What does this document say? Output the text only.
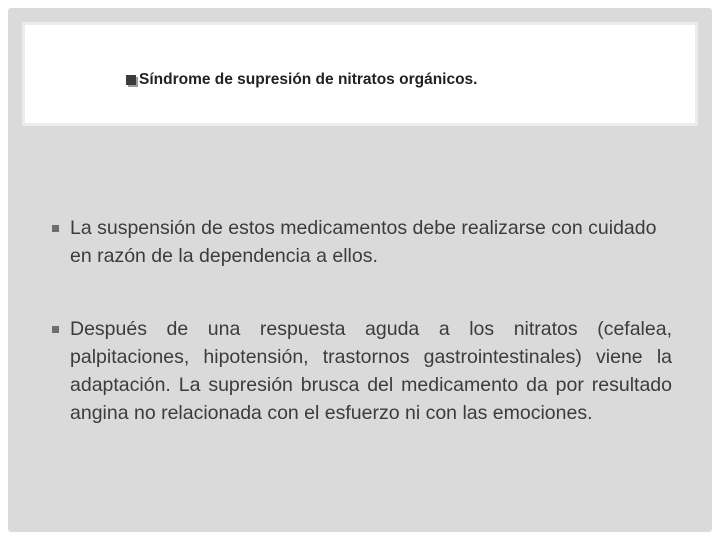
Síndrome de supresión de nitratos orgánicos.
La suspensión de estos medicamentos debe realizarse con cuidado en razón de la dependencia a ellos.
Después de una respuesta aguda a los nitratos (cefalea, palpitaciones, hipotensión, trastornos gastrointestinales) viene la adaptación. La supresión brusca del medicamento da por resultado angina no relacionada con el esfuerzo ni con las emociones.
